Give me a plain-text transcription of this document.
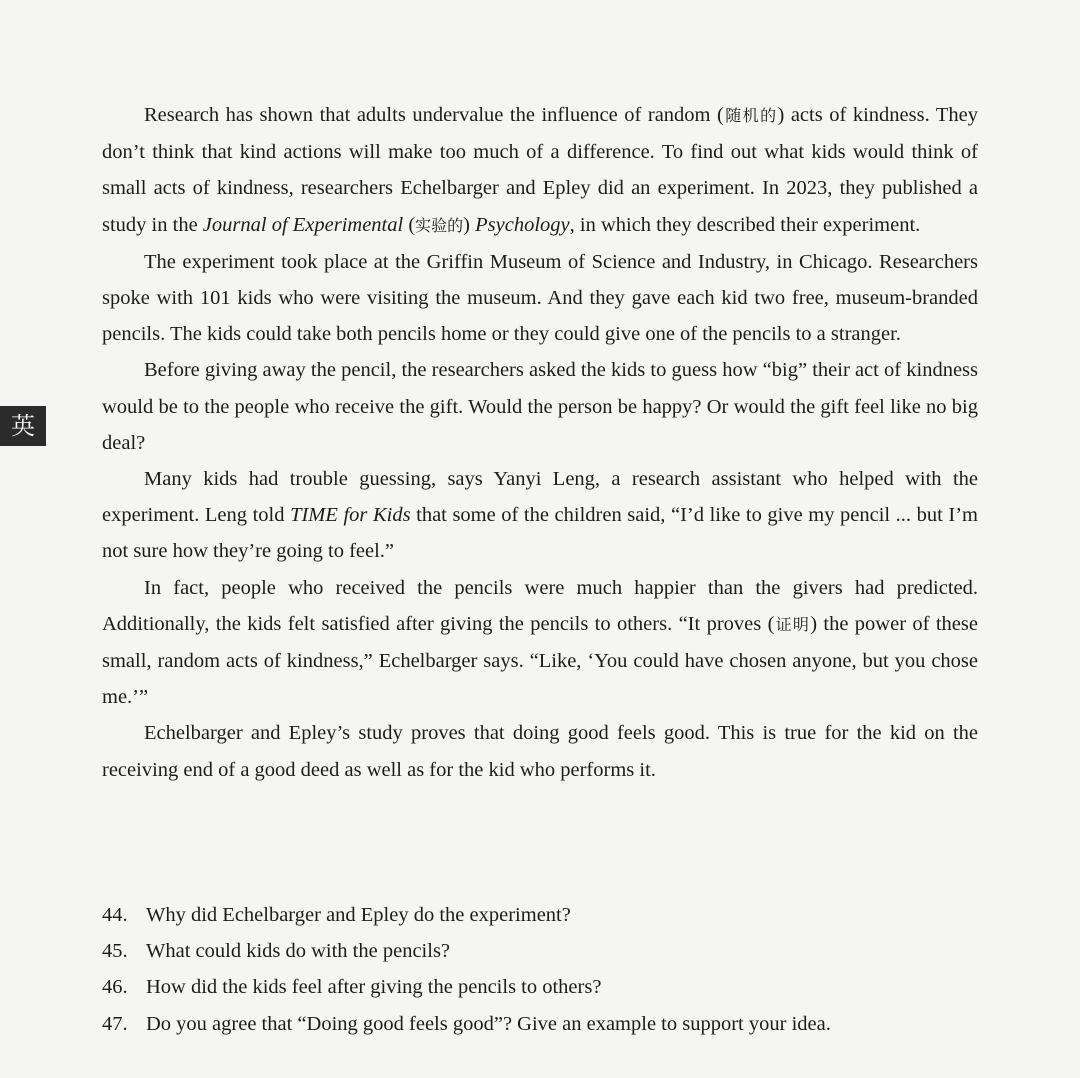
英

Research has shown that adults undervalue the influence of random (随机的) acts of kindness. They don’t think that kind actions will make too much of a difference. To find out what kids would think of small acts of kindness, researchers Echelbarger and Epley did an experiment. In 2023, they published a study in the Journal of Experimental (实验的) Psychology, in which they described their experiment.

The experiment took place at the Griffin Museum of Science and Industry, in Chicago. Researchers spoke with 101 kids who were visiting the museum. And they gave each kid two free, museum-branded pencils. The kids could take both pencils home or they could give one of the pencils to a stranger.

Before giving away the pencil, the researchers asked the kids to guess how “big” their act of kindness would be to the people who receive the gift. Would the person be happy? Or would the gift feel like no big deal?

Many kids had trouble guessing, says Yanyi Leng, a research assistant who helped with the experiment. Leng told TIME for Kids that some of the children said, “I’d like to give my pencil ... but I’m not sure how they’re going to feel.”

In fact, people who received the pencils were much happier than the givers had predicted. Additionally, the kids felt satisfied after giving the pencils to others. “It proves (证明) the power of these small, random acts of kindness,” Echelbarger says. “Like, ‘You could have chosen anyone, but you chose me.’”

Echelbarger and Epley’s study proves that doing good feels good. This is true for the kid on the receiving end of a good deed as well as for the kid who performs it.

44. Why did Echelbarger and Epley do the experiment?
45. What could kids do with the pencils?
46. How did the kids feel after giving the pencils to others?
47. Do you agree that “Doing good feels good”? Give an example to support your idea.
